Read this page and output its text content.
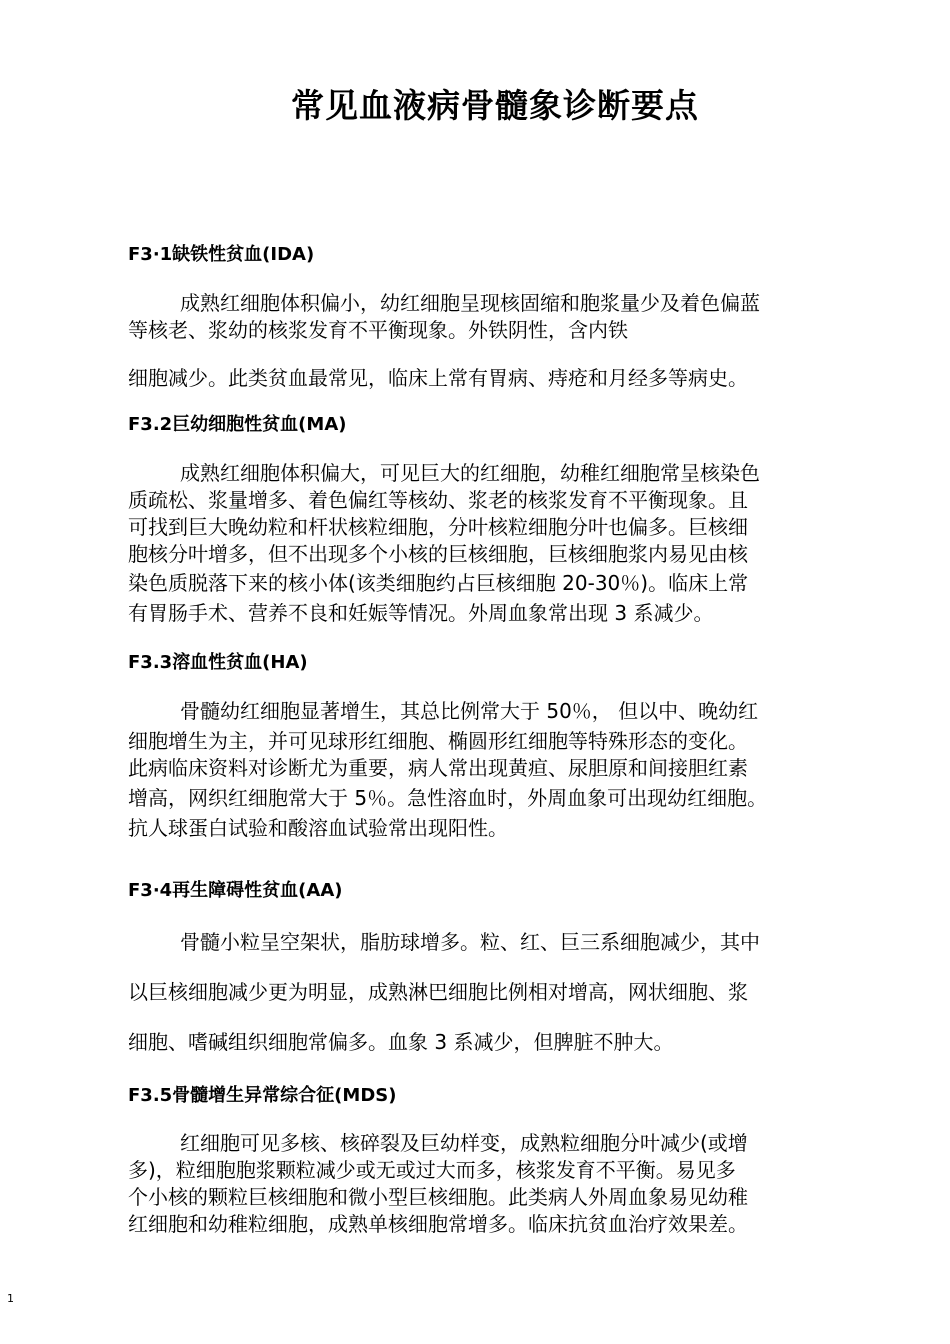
常见血液病骨髓象诊断要点
F3·1缺铁性贫血(IDA)
成熟红细胞体积偏小，幼红细胞呈现核固缩和胞浆量少及着色偏蓝
等核老、浆幼的核浆发育不平衡现象。外铁阴性，含内铁
细胞减少。此类贫血最常见，临床上常有胃病、痔疮和月经多等病史。
F3.2巨幼细胞性贫血(MA)
成熟红细胞体积偏大，可见巨大的红细胞，幼稚红细胞常呈核染色
质疏松、浆量增多、着色偏红等核幼、浆老的核浆发育不平衡现象。且
可找到巨大晚幼粒和杆状核粒细胞，分叶核粒细胞分叶也偏多。巨核细
胞核分叶增多，但不出现多个小核的巨核细胞，巨核细胞浆内易见由核
染色质脱落下来的核小体(该类细胞约占巨核细胞 20-30％)。临床上常
有胃肠手术、营养不良和妊娠等情况。外周血象常出现 3 系减少。
F3.3溶血性贫血(HA)
骨髓幼红细胞显著增生，其总比例常大于 50％， 但以中、晚幼红
细胞增生为主，并可见球形红细胞、椭圆形红细胞等特殊形态的变化。
此病临床资料对诊断尤为重要，病人常出现黄疸、尿胆原和间接胆红素
增高，网织红细胞常大于 5％。急性溶血时，外周血象可出现幼红细胞。
抗人球蛋白试验和酸溶血试验常出现阳性。
F3·4再生障碍性贫血(AA)
骨髓小粒呈空架状，脂肪球增多。粒、红、巨三系细胞减少，其中
以巨核细胞减少更为明显，成熟淋巴细胞比例相对增高，网状细胞、浆
细胞、嗜碱组织细胞常偏多。血象 3 系减少，但脾脏不肿大。
F3.5骨髓增生异常综合征(MDS)
红细胞可见多核、核碎裂及巨幼样变，成熟粒细胞分叶减少(或增
多)，粒细胞胞浆颗粒减少或无或过大而多，核浆发育不平衡。易见多
个小核的颗粒巨核细胞和微小型巨核细胞。此类病人外周血象易见幼稚
红细胞和幼稚粒细胞，成熟单核细胞常增多。临床抗贫血治疗效果差。
1
